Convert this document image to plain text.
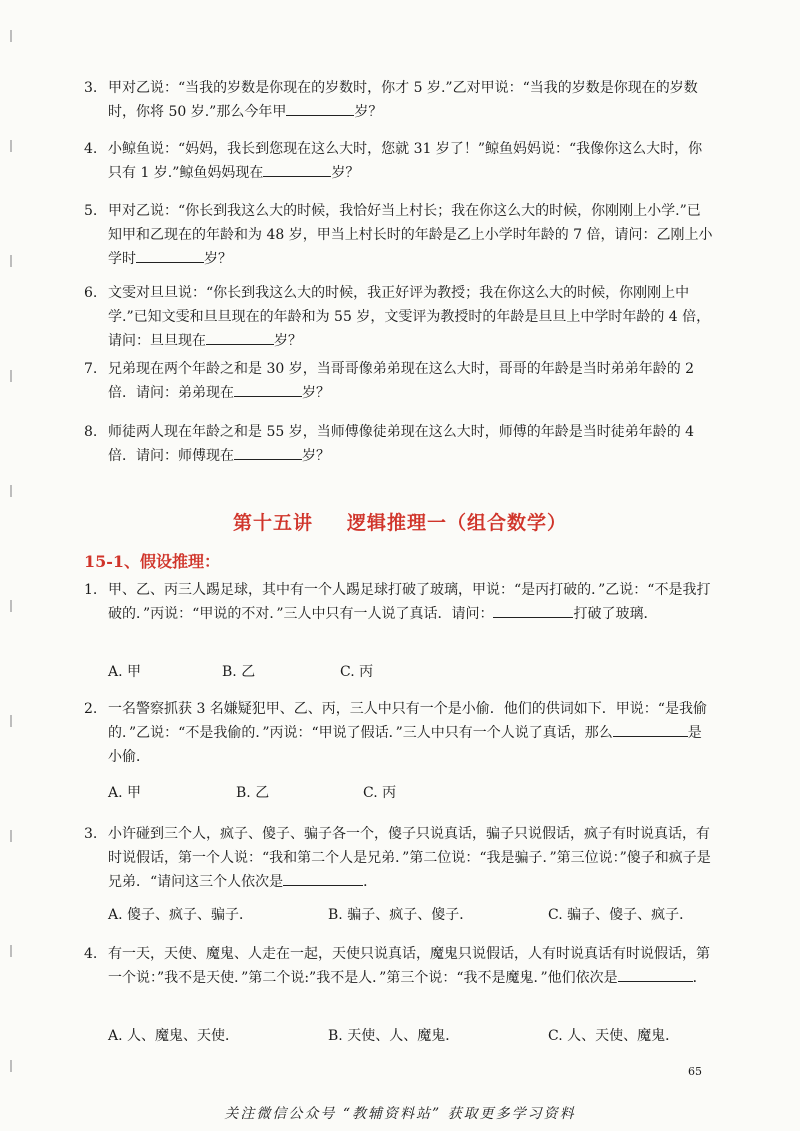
3. 甲对乙说：“当我的岁数是你现在的岁数时，你才 5 岁.”乙对甲说：“当我的岁数是你现在的岁数时，你将 50 岁.”那么今年甲	岁？
4. 小鲸鱼说：“妈妈，我长到您现在这么大时，您就 31 岁了！”鲸鱼妈妈说：“我像你这么大时，你只有 1 岁.”鲸鱼妈妈现在	岁？
5. 甲对乙说：“你长到我这么大的时候，我恰好当上村长；我在你这么大的时候，你刚刚上小学.”已知甲和乙现在的年龄和为 48 岁，甲当上村长时的年龄是乙上小学时年龄的 7 倍，请问：乙刚上小学时	岁？
6. 文雯对旦旦说：“你长到我这么大的时候，我正好评为教授；我在你这么大的时候，你刚刚上中学.”已知文雯和旦旦现在的年龄和为 55 岁，文雯评为教授时的年龄是旦旦上中学时年龄的 4 倍，请问：旦旦现在	岁？
7. 兄弟现在两个年龄之和是 30 岁，当哥哥像弟弟现在这么大时，哥哥的年龄是当时弟弟年龄的 2 倍．请问：弟弟现在	岁？
8. 师徒两人现在年龄之和是 55 岁，当师傅像徒弟现在这么大时，师傅的年龄是当时徒弟年龄的 4 倍．请问：师傅现在	岁？
第十五讲 逻辑推理一（组合数学）
15-1、假设推理：
1. 甲、乙、丙三人踢足球，其中有一个人踢足球打破了玻璃，甲说：“是丙打破的．”乙说：“不是我打破的．”丙说：“甲说的不对．”三人中只有一人说了真话．请问：	打破了玻璃．
A. 甲	B. 乙	C. 丙
2. 一名警察抓获 3 名嫌疑犯甲、乙、丙，三人中只有一个是小偷．他们的供词如下．甲说：“是我偷的．”乙说：“不是我偷的．”丙说：“甲说了假话．”三人中只有一个人说了真话，那么	是小偷．
A. 甲	B. 乙	C. 丙
3. 小许碰到三个人，疯子、傻子、骗子各一个，傻子只说真话，骗子只说假话，疯子有时说真话，有时说假话，第一个人说：“我和第二个人是兄弟．”第二位说：“我是骗子．”第三位说：”傻子和疯子是兄弟．“请问这三个人依次是	．
A. 傻子、疯子、骗子．	B. 骗子、疯子、傻子．	C. 骗子、傻子、疯子．
4. 有一天，天使、魔鬼、人走在一起，天使只说真话，魔鬼只说假话，人有时说真话有时说假话，第一个说：”我不是天使．”第二个说:”我不是人．”第三个说：“我不是魔鬼．”他们依次是	．
A. 人、魔鬼、天使．	B. 天使、人、魔鬼．	C. 人、天使、魔鬼．

65

关注微信公众号 “教辅资料站” 获取更多学习资料
